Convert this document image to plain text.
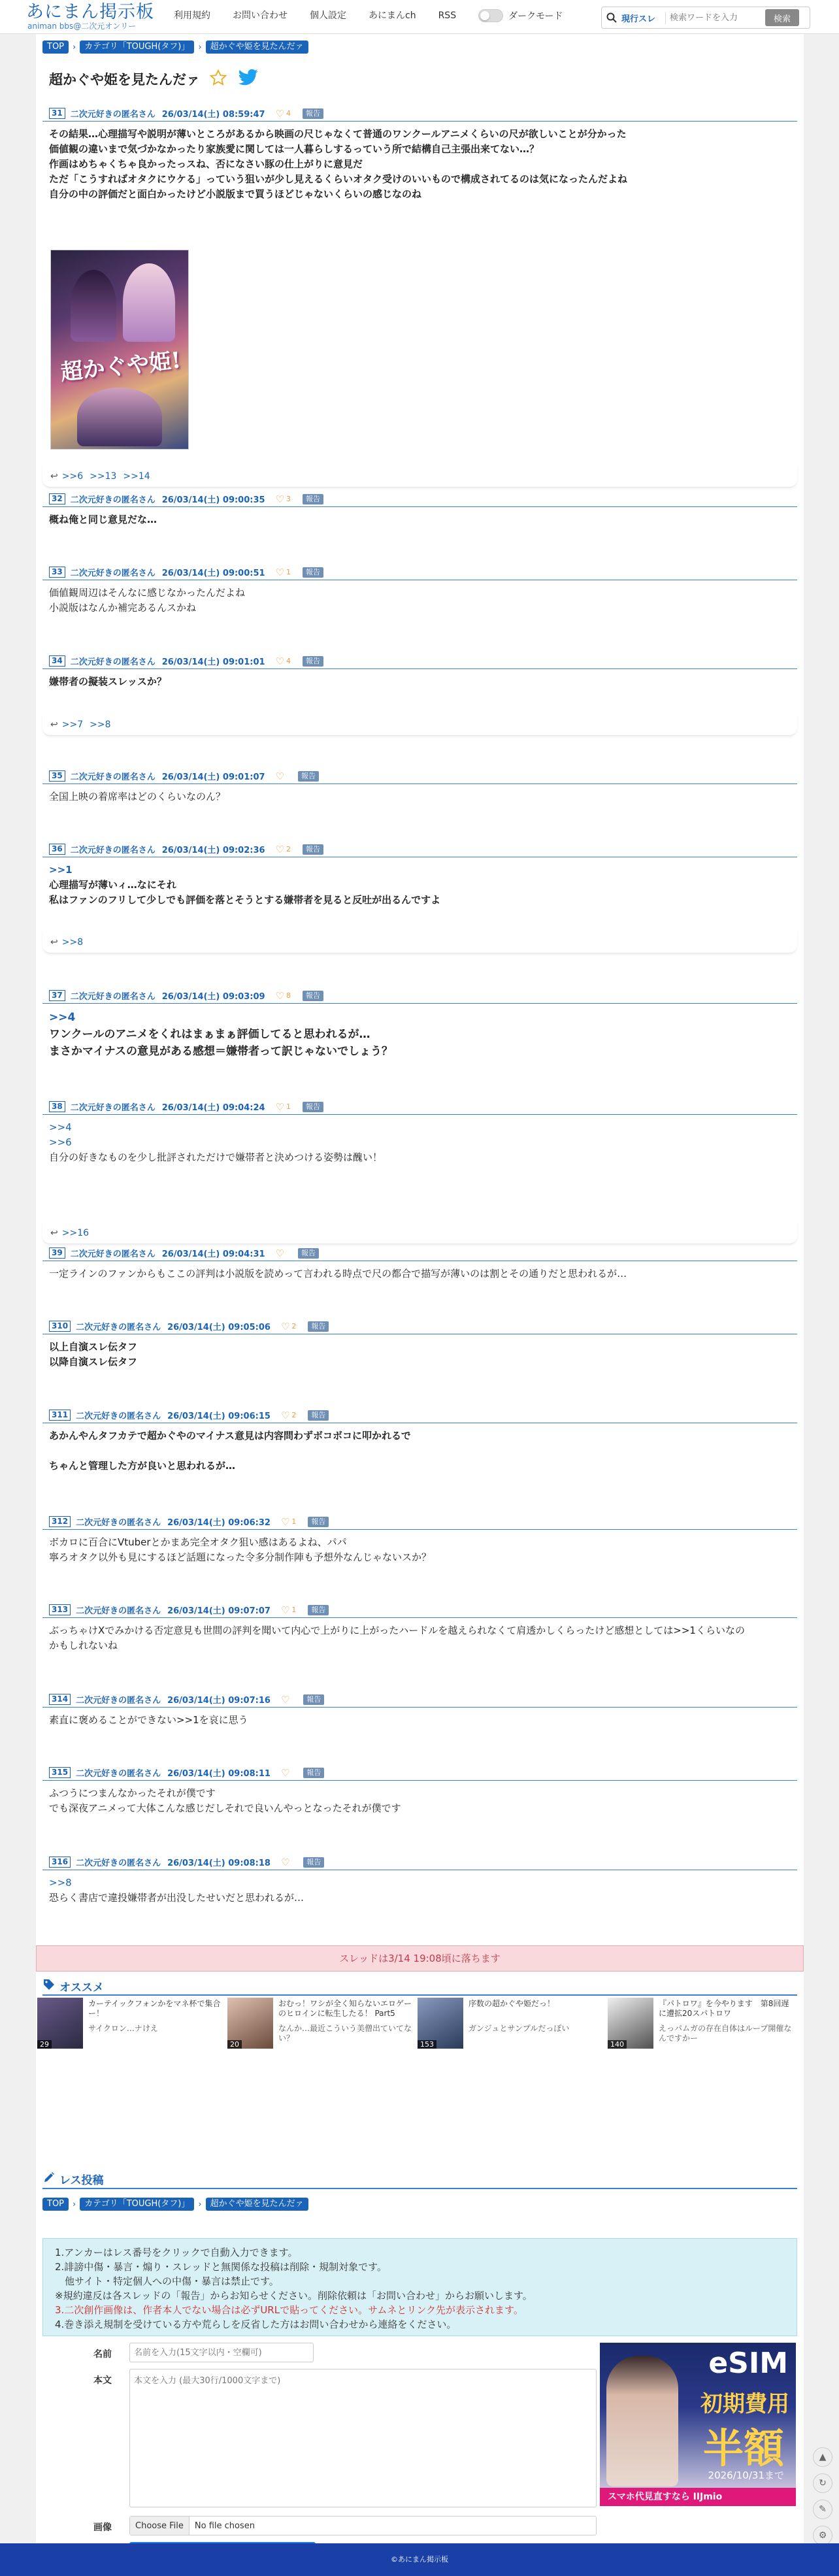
あにまん掲示板
animan bbs@二次元オンリー
利用規約 お問い合わせ 個人設定 あにまんch RSS	ダークモード	現行スレ
検索ワードを入力	検索
TOP	›	カテゴリ「TOUGH(タフ)」	›	超かぐや姫を見たんだァ
超かぐや姫を見たんだァ
31 二次元好きの匿名さん 26/03/14(土) 08:59:47 ♡ 4	報告
その結果…心理描写や説明が薄いところがあるから映画の尺じゃなくて普通のワンクールアニメくらいの尺が欲しいことが分かった
価値観の違いまで気づかなかったり家族愛に関しては一人暮らしするっていう所で結構自己主張出来てない…？
作画はめちゃくちゃ良かったっスね、否になさい豚の仕上がりに意見だ
ただ「こうすればオタクにウケる」っていう狙いが少し見えるくらいオタク受けのいいもので構成されてるのは気になったんだよね
自分の中の評価だと面白かったけど小説版まで買うほどじゃないくらいの感じなのね
超かぐや姫!
↩ >>6 >>13 >>14
32 二次元好きの匿名さん 26/03/14(土) 09:00:35 ♡ 3	報告
概ね俺と同じ意見だな…
33 二次元好きの匿名さん 26/03/14(土) 09:00:51 ♡ 1	報告
価値観周辺はそんなに感じなかったんだよね
小説版はなんか補完あるんスかね
34 二次元好きの匿名さん 26/03/14(土) 09:01:01 ♡ 4	報告
嫌帯者の擬装スレッスか？
↩ >>7 >>8
35 二次元好きの匿名さん 26/03/14(土) 09:01:07 ♡	報告
全国上映の着席率はどのくらいなのん？
36 二次元好きの匿名さん 26/03/14(土) 09:02:36 ♡ 2	報告
>>1
心理描写が薄いィ…なにそれ
私はファンのフリして少しでも評価を落とそうとする嫌帯者を見ると反吐が出るんですよ
↩ >>8
37 二次元好きの匿名さん 26/03/14(土) 09:03:09 ♡ 8	報告
>>4
ワンクールのアニメをくれはまぁまぁ評価してると思われるが…
まさかマイナスの意見がある感想＝嫌帯者って訳じゃないでしょう？
38 二次元好きの匿名さん 26/03/14(土) 09:04:24 ♡ 1	報告
>>4
>>6
自分の好きなものを少し批評されただけで嫌帯者と決めつける姿勢は醜い！
↩ >>16
39 二次元好きの匿名さん 26/03/14(土) 09:04:31 ♡	報告
一定ラインのファンからもここの評判は小説版を読めって言われる時点で尺の都合で描写が薄いのは割とその通りだと思われるが…
310 二次元好きの匿名さん 26/03/14(土) 09:05:06 ♡ 2	報告
以上自演スレ伝タフ
以降自演スレ伝タフ
311 二次元好きの匿名さん 26/03/14(土) 09:06:15 ♡ 2	報告
あかんやんタフカテで超かぐやのマイナス意見は内容問わずボコボコに叩かれるで
ちゃんと管理した方が良いと思われるが…
312 二次元好きの匿名さん 26/03/14(土) 09:06:32 ♡ 1	報告
ボカロに百合にVtuberとかまあ完全オタク狙い感はあるよね、パパ
寧ろオタク以外も見にするほど話題になった令多分制作陣も予想外なんじゃないスか？
313 二次元好きの匿名さん 26/03/14(土) 09:07:07 ♡ 1	報告
ぶっちゃけXでみかける否定意見も世間の評判を聞いて内心で上がりに上がったハードルを越えられなくて肩透かしくらったけど感想としては>>1くらいなの
かもしれないね
314 二次元好きの匿名さん 26/03/14(土) 09:07:16 ♡	報告
素直に褒めることができない>>1を哀に思う
315 二次元好きの匿名さん 26/03/14(土) 09:08:11 ♡	報告
ふつうにつまんなかったそれが僕です
でも深夜アニメって大体こんな感じだしそれで良いんやっとなったそれが僕です
316 二次元好きの匿名さん 26/03/14(土) 09:08:18 ♡	報告
>>8
恐らく書店で違投嫌帯者が出没したせいだと思われるが…
スレッドは3/14 19:08頃に落ちます
オススメ
29
カーテイックフォンかをマネ杯で集合ー！
サイクロン…ナけえ
20
おむっ！ワシが全く知らないエロゲーのヒロインに転生したる！ Part5
なんか…最近こういう美僧出ていてない？
153
序数の超かぐや姫だっ！
ガンジュとサンプルだっぽい
140
『パトロワ』を今やります　第8回遅に遭拡20スパトロワ
えっパムガの存在自体はループ開催なんですかー
レス投稿
TOP	›	カテゴリ「TOUGH(タフ)」	›	超かぐや姫を見たんだァ
1.アンカーはレス番号をクリックで自動入力できます。
2.誹謗中傷・暴言・煽り・スレッドと無関係な投稿は削除・規制対象です。
　他サイト・特定個人への中傷・暴言は禁止です。
※規約違反は各スレッドの「報告」からお知らせください。削除依頼は「お問い合わせ」からお願いします。
3.二次創作画像は、作者本人でない場合は必ずURLで貼ってください。サムネとリンク先が表示されます。
4.巻き添え規制を受けている方や荒らしを反省した方はお問い合わせから連絡をください。
名前
名前を入力(15文字以内・空欄可)
本文
本文を入力 (最大30行/1000文字まで)
画像	Choose File	No file chosen
eSIM
初期費用
半額
2026/10/31まで
スマホ代見直すなら IIJmio
▲
↻
✎
⚙
©あにまん掲示板
